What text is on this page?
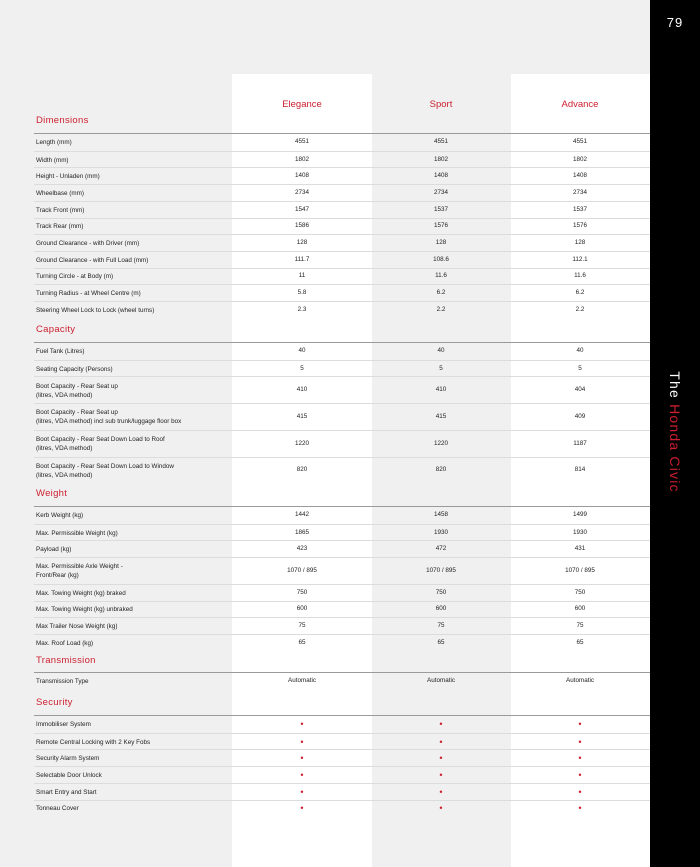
79
The Honda Civic
Elegance	Sport	Advance
Dimensions
Length (mm)	4551	4551	4551
Width (mm)	1802	1802	1802
Height - Unladen (mm)	1408	1408	1408
Wheelbase (mm)	2734	2734	2734
Track Front (mm)	1547	1537	1537
Track Rear (mm)	1586	1576	1576
Ground Clearance - with Driver (mm)	128	128	128
Ground Clearance - with Full Load (mm)	111.7	108.6	112.1
Turning Circle - at Body (m)	11	11.6	11.6
Turning Radius - at Wheel Centre (m)	5.8	6.2	6.2
Steering Wheel Lock to Lock (wheel turns)	2.3	2.2	2.2
Capacity
Fuel Tank (Litres)	40	40	40
Seating Capacity (Persons)	5	5	5
Boot Capacity - Rear Seat up
(litres, VDA method)
410	410	404
Boot Capacity - Rear Seat up
(litres, VDA method) incl sub trunk/luggage floor box
415	415	409
Boot Capacity - Rear Seat Down Load to Roof
(litres, VDA method)
1220	1220	1187
Boot Capacity - Rear Seat Down Load to Window
(litres, VDA method)
820	820	814
Weight
Kerb Weight (kg)	1442	1458	1499
Max. Permissible Weight (kg)	1865	1930	1930
Payload (kg)	423	472	431
Max. Permissible Axle Weight -
Front/Rear (kg)
1070 / 895	1070 / 895	1070 / 895
Max. Towing Weight (kg) braked	750	750	750
Max. Towing Weight (kg) unbraked	600	600	600
Max Trailer Nose Weight (kg)	75	75	75
Max. Roof Load (kg)	65	65	65
Transmission
Transmission Type	Automatic	Automatic	Automatic
Security
Immobiliser System	•	•	•
Remote Central Locking with 2 Key Fobs	•	•	•
Security Alarm System	•	•	•
Selectable Door Unlock	•	•	•
Smart Entry and Start	•	•	•
Tonneau Cover	•	•	•
